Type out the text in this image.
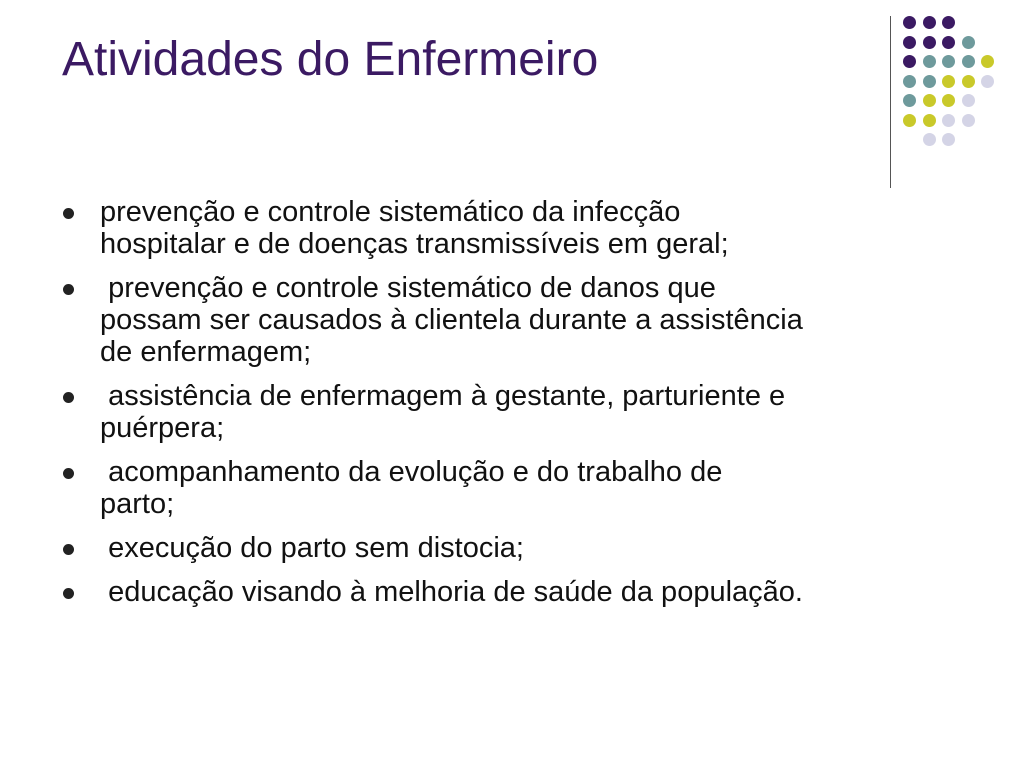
Atividades do Enfermeiro
prevenção e controle sistemático da infecção
hospitalar e de doenças transmissíveis em geral;
prevenção e controle sistemático de danos que
possam ser causados à clientela durante a assistência
de enfermagem;
assistência de enfermagem à gestante, parturiente e
puérpera;
acompanhamento da evolução e do trabalho de
parto;
execução do parto sem distocia;
educação visando à melhoria de saúde da população.
